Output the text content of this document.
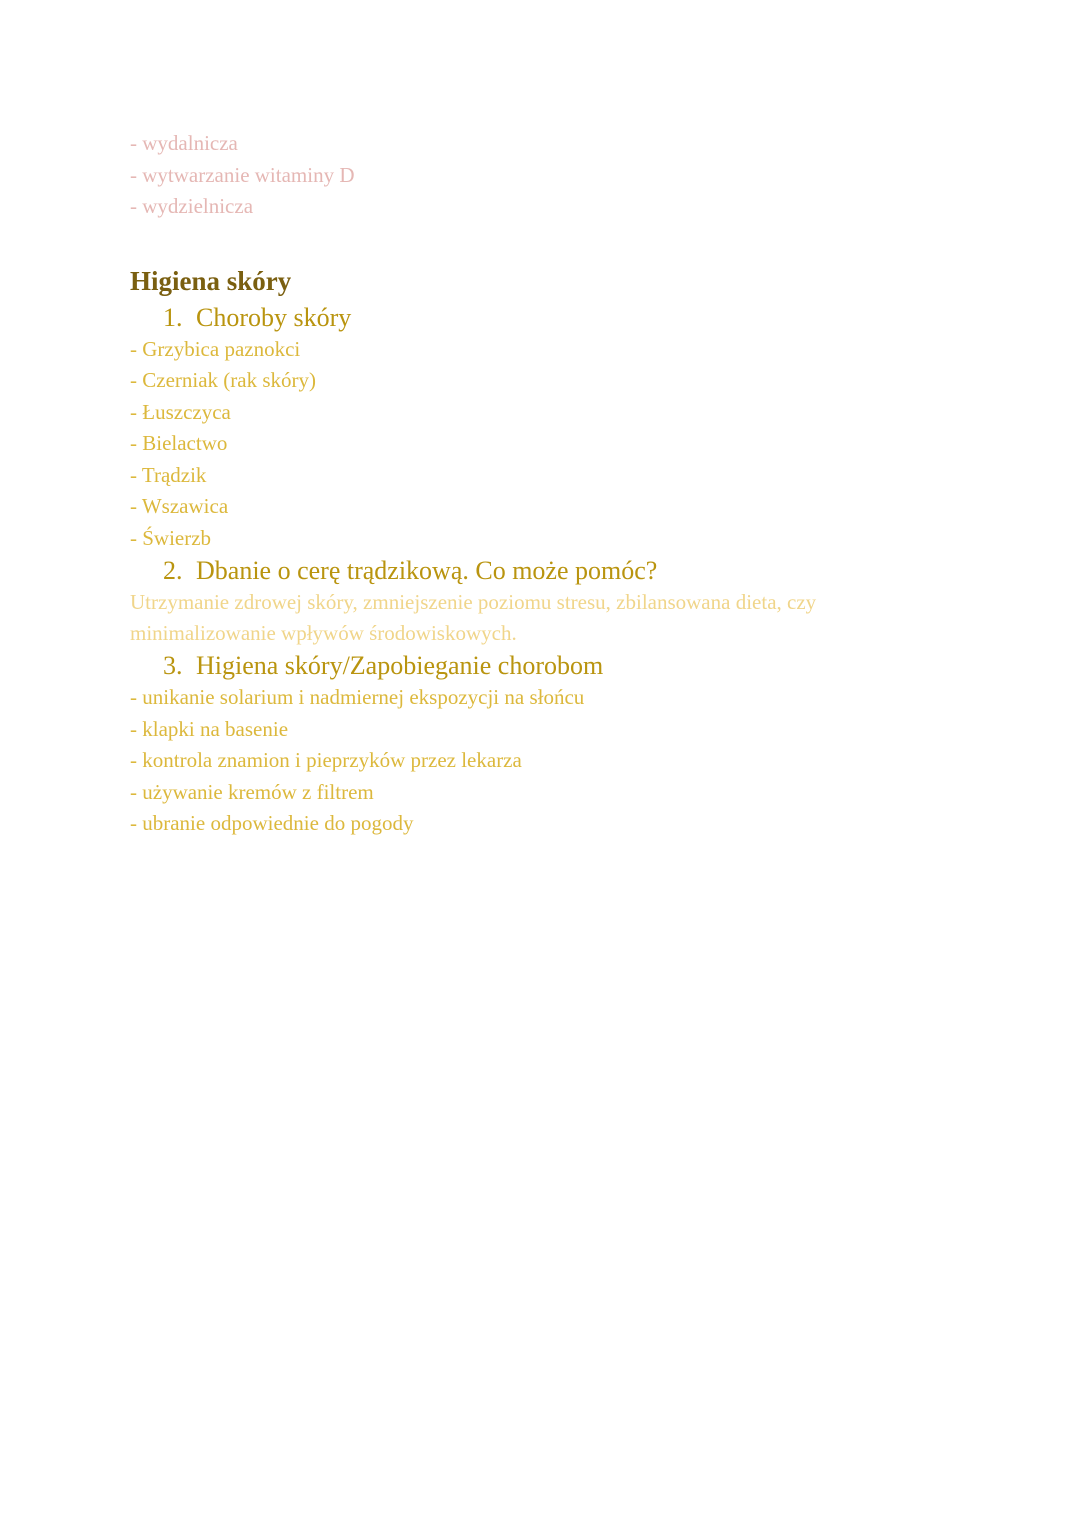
- wydalnicza
- wytwarzanie witaminy D
- wydzielnicza
Higiena skóry
1. Choroby skóry
- Grzybica paznokci
- Czerniak (rak skóry)
- Łuszczyca
- Bielactwo
- Trądzik
- Wszawica
- Świerzb
2. Dbanie o cerę trądzikową. Co może pomóc?
Utrzymanie zdrowej skóry, zmniejszenie poziomu stresu, zbilansowana dieta, czy minimalizowanie wpływów środowiskowych.
3. Higiena skóry/Zapobieganie chorobom
- unikanie solarium i nadmiernej ekspozycji na słońcu
- klapki na basenie
- kontrola znamion i pieprzyków przez lekarza
- używanie kremów z filtrem
- ubranie odpowiednie do pogody
